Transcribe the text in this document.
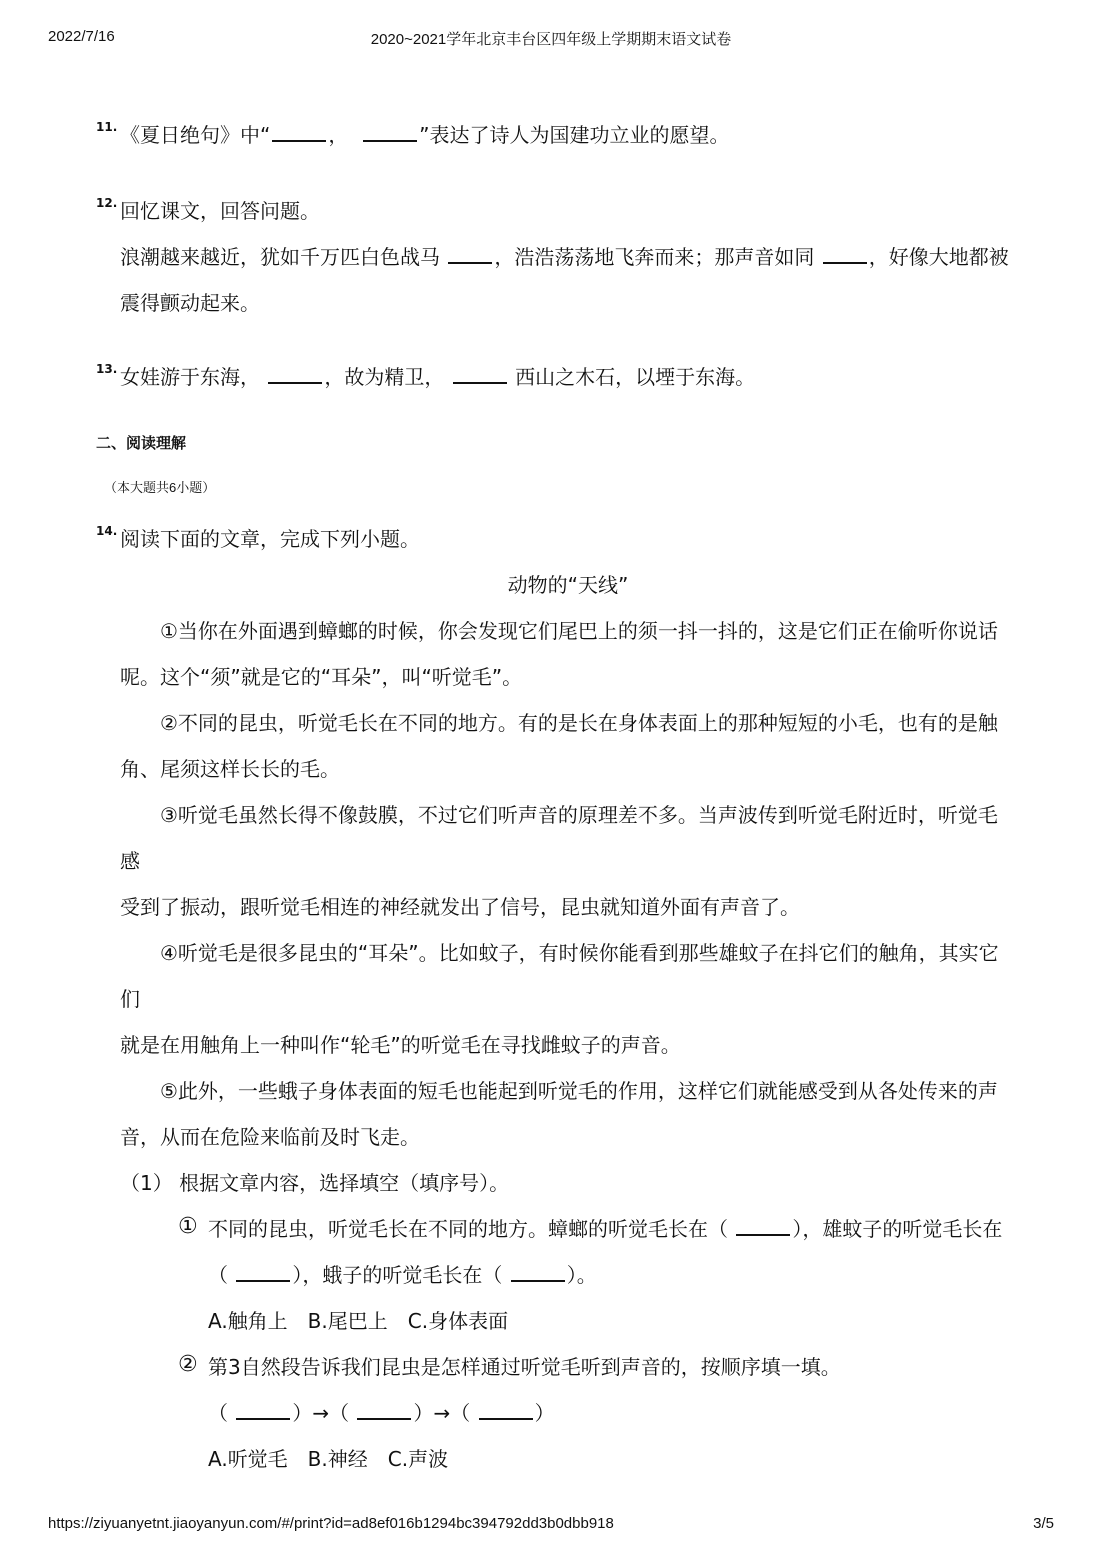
2022/7/16	2020~2021学年北京丰台区四年级上学期期末语文试卷
11. 《夏日绝句》中“	，	”表达了诗人为国建功立业的愿望。
12. 回忆课文，回答问题。
浪潮越来越近，犹如千万匹白色战马	，浩浩荡荡地飞奔而来；那声音如同	，好像大地都被
震得颤动起来。
13. 女娃游于东海，	，故为精卫，	西山之木石，以堙于东海。
二、阅读理解
（本大题共6小题）
14. 阅读下面的文章，完成下列小题。
动物的“天线”
①当你在外面遇到蟑螂的时候，你会发现它们尾巴上的须一抖一抖的，这是它们正在偷听你说话
呢。这个“须”就是它的“耳朵”，叫“听觉毛”。
②不同的昆虫，听觉毛长在不同的地方。有的是长在身体表面上的那种短短的小毛，也有的是触
角、尾须这样长长的毛。
③听觉毛虽然长得不像鼓膜，不过它们听声音的原理差不多。当声波传到听觉毛附近时，听觉毛感
受到了振动，跟听觉毛相连的神经就发出了信号，昆虫就知道外面有声音了。
④听觉毛是很多昆虫的“耳朵”。比如蚊子，有时候你能看到那些雄蚊子在抖它们的触角，其实它们
就是在用触角上一种叫作“轮毛”的听觉毛在寻找雌蚊子的声音。
⑤此外，一些蛾子身体表面的短毛也能起到听觉毛的作用，这样它们就能感受到从各处传来的声
音，从而在危险来临前及时飞走。
（1） 根据文章内容，选择填空（填序号）。
① 不同的昆虫，听觉毛长在不同的地方。蟑螂的听觉毛长在（	），雄蚊子的听觉毛长在
（	），蛾子的听觉毛长在（	）。
A.触角上　B.尾巴上　C.身体表面
② 第3自然段告诉我们昆虫是怎样通过听觉毛听到声音的，按顺序填一填。
（	）→（	）→（	）
A.听觉毛　B.神经　C.声波
https://ziyuanyetnt.jiaoyanyun.com/#/print?id=ad8ef016b1294bc394792dd3b0dbb918	3/5
